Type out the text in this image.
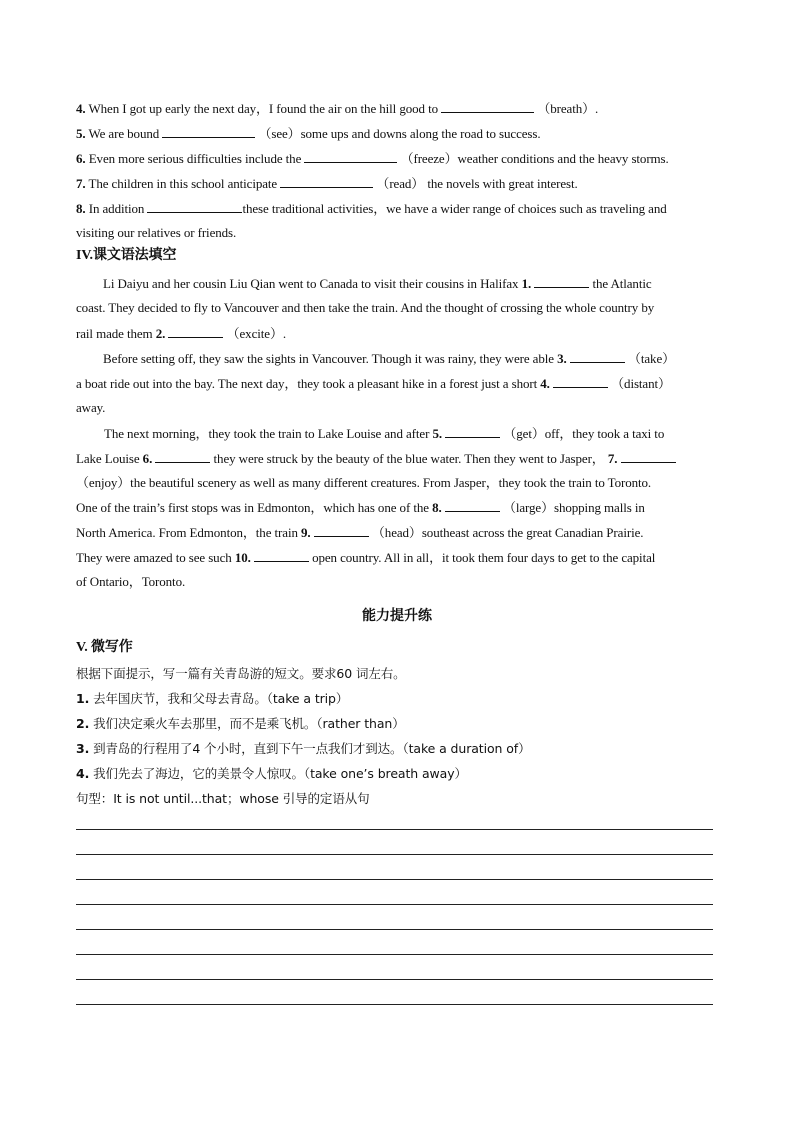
4. When I got up early the next day，I found the air on the hill good to	（breath）.
5. We are bound	（see）some ups and downs along the road to success.
6. Even more serious difficulties include the	（freeze）weather conditions and the heavy storms.
7. The children in this school anticipate	（read） the novels with great interest.
8. In addition	these traditional activities，we have a wider range of choices such as traveling and
visiting our relatives or friends.
IV.课文语法填空
Li Daiyu and her cousin Liu Qian went to Canada to visit their cousins in Halifax 1.	the Atlantic
coast. They decided to fly to Vancouver and then take the train. And the thought of crossing the whole country by
rail made them 2.	（excite）.
Before setting off, they saw the sights in Vancouver. Though it was rainy, they were able 3.	（take）
a boat ride out into the bay. The next day，they took a pleasant hike in a forest just a short 4.	（distant）
away.
The next morning，they took the train to Lake Louise and after 5.	（get）off，they took a taxi to
Lake Louise 6.	they were struck by the beauty of the blue water. Then they went to Jasper， 7.
（enjoy）the beautiful scenery as well as many different creatures. From Jasper，they took the train to Toronto.
One of the train’s first stops was in Edmonton，which has one of the 8.	（large）shopping malls in
North America. From Edmonton，the train 9.	（head）southeast across the great Canadian Prairie.
They were amazed to see such 10.	open country. All in all，it took them four days to get to the capital
of Ontario，Toronto.
能力提升练
V. 微写作
根据下面提示，写一篇有关青岛游的短文。要求60 词左右。
1. 去年国庆节，我和父母去青岛。（take a trip）
2. 我们决定乘火车去那里，而不是乘飞机。（rather than）
3. 到青岛的行程用了4 个小时，直到下午一点我们才到达。（take a duration of）
4. 我们先去了海边，它的美景令人惊叹。（take one’s breath away）
句型：It is not until...that；whose 引导的定语从句
